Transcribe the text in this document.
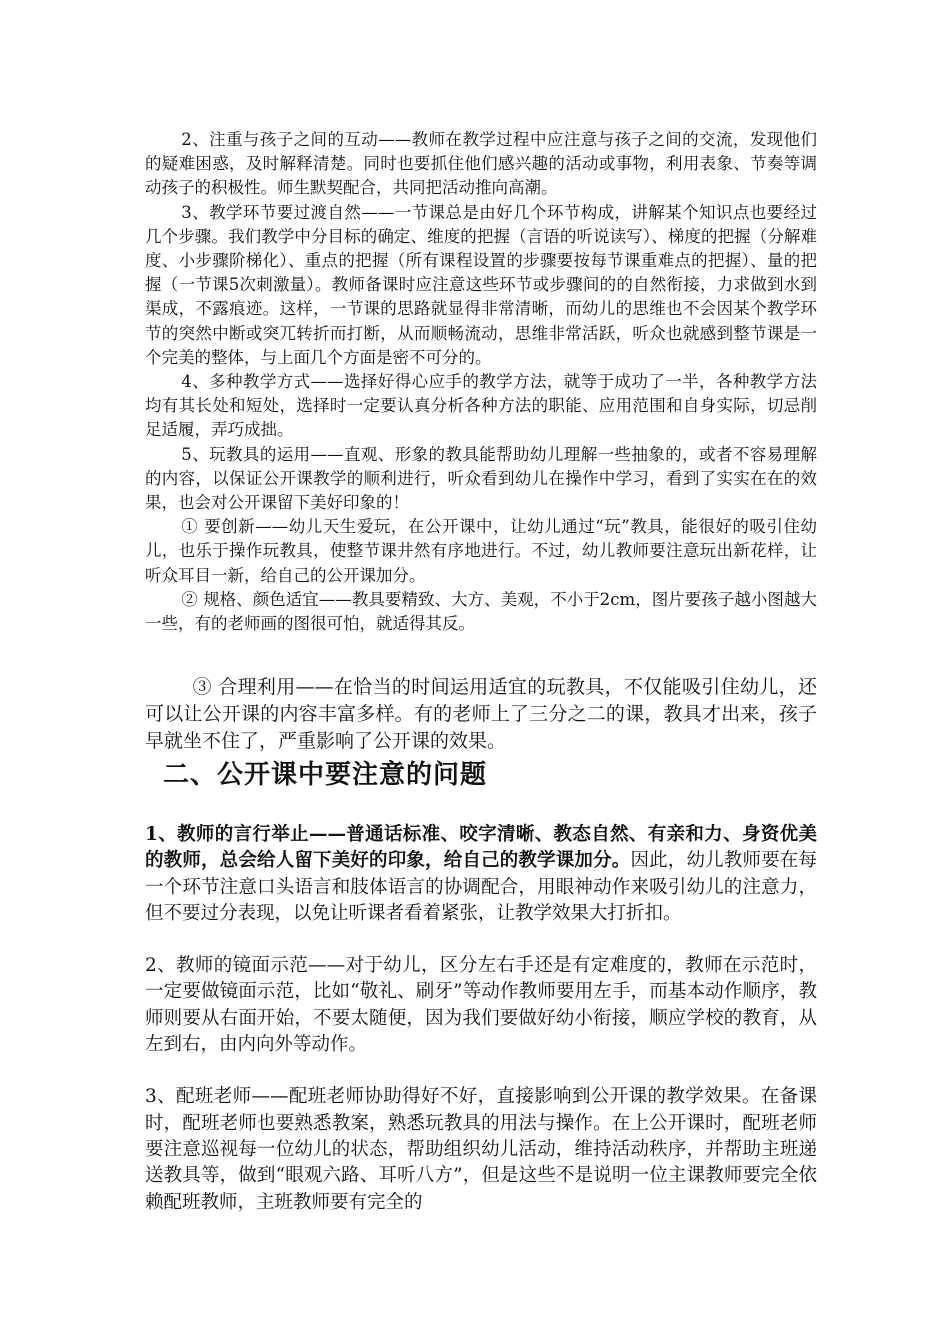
2、注重与孩子之间的互动——教师在教学过程中应注意与孩子之间的交流，发现他们的疑难困惑，及时解释清楚。同时也要抓住他们感兴趣的活动或事物，利用表象、节奏等调动孩子的积极性。师生默契配合，共同把活动推向高潮。

3、教学环节要过渡自然——一节课总是由好几个环节构成，讲解某个知识点也要经过几个步骤。我们教学中分目标的确定、维度的把握（言语的听说读写）、梯度的把握（分解难度、小步骤阶梯化）、重点的把握（所有课程设置的步骤要按每节课重难点的把握）、量的把握（一节课5次刺激量）。教师备课时应注意这些环节或步骤间的的自然衔接，力求做到水到渠成，不露痕迹。这样，一节课的思路就显得非常清晰，而幼儿的思维也不会因某个教学环节的突然中断或突兀转折而打断，从而顺畅流动，思维非常活跃，听众也就感到整节课是一个完美的整体，与上面几个方面是密不可分的。

4、多种教学方式——选择好得心应手的教学方法，就等于成功了一半，各种教学方法均有其长处和短处，选择时一定要认真分析各种方法的职能、应用范围和自身实际，切忌削足适履，弄巧成拙。

5、玩教具的运用——直观、形象的教具能帮助幼儿理解一些抽象的，或者不容易理解的内容，以保证公开课教学的顺利进行，听众看到幼儿在操作中学习，看到了实实在在的效果，也会对公开课留下美好印象的！

① 要创新——幼儿天生爱玩，在公开课中，让幼儿通过“玩”教具，能很好的吸引住幼儿，也乐于操作玩教具，使整节课井然有序地进行。不过，幼儿教师要注意玩出新花样，让听众耳目一新，给自己的公开课加分。

② 规格、颜色适宜——教具要精致、大方、美观，不小于2cm，图片要孩子越小图越大一些，有的老师画的图很可怕，就适得其反。

③ 合理利用——在恰当的时间运用适宜的玩教具，不仅能吸引住幼儿，还可以让公开课的内容丰富多样。有的老师上了三分之二的课，教具才出来，孩子早就坐不住了，严重影响了公开课的效果。

二、公开课中要注意的问题

1、教师的言行举止——普通话标准、咬字清晰、教态自然、有亲和力、身资优美的教师，总会给人留下美好的印象，给自己的教学课加分。因此，幼儿教师要在每一个环节注意口头语言和肢体语言的协调配合，用眼神动作来吸引幼儿的注意力，但不要过分表现，以免让听课者看着紧张，让教学效果大打折扣。

2、教师的镜面示范——对于幼儿，区分左右手还是有定难度的，教师在示范时，一定要做镜面示范，比如“敬礼、刷牙”等动作教师要用左手，而基本动作顺序，教师则要从右面开始，不要太随便，因为我们要做好幼小衔接，顺应学校的教育，从左到右，由内向外等动作。

3、配班老师——配班老师协助得好不好，直接影响到公开课的教学效果。在备课时，配班老师也要熟悉教案，熟悉玩教具的用法与操作。在上公开课时，配班老师要注意巡视每一位幼儿的状态，帮助组织幼儿活动，维持活动秩序，并帮助主班递送教具等，做到“眼观六路、耳听八方”，但是这些不是说明一位主课教师要完全依赖配班教师，主班教师要有完全的
